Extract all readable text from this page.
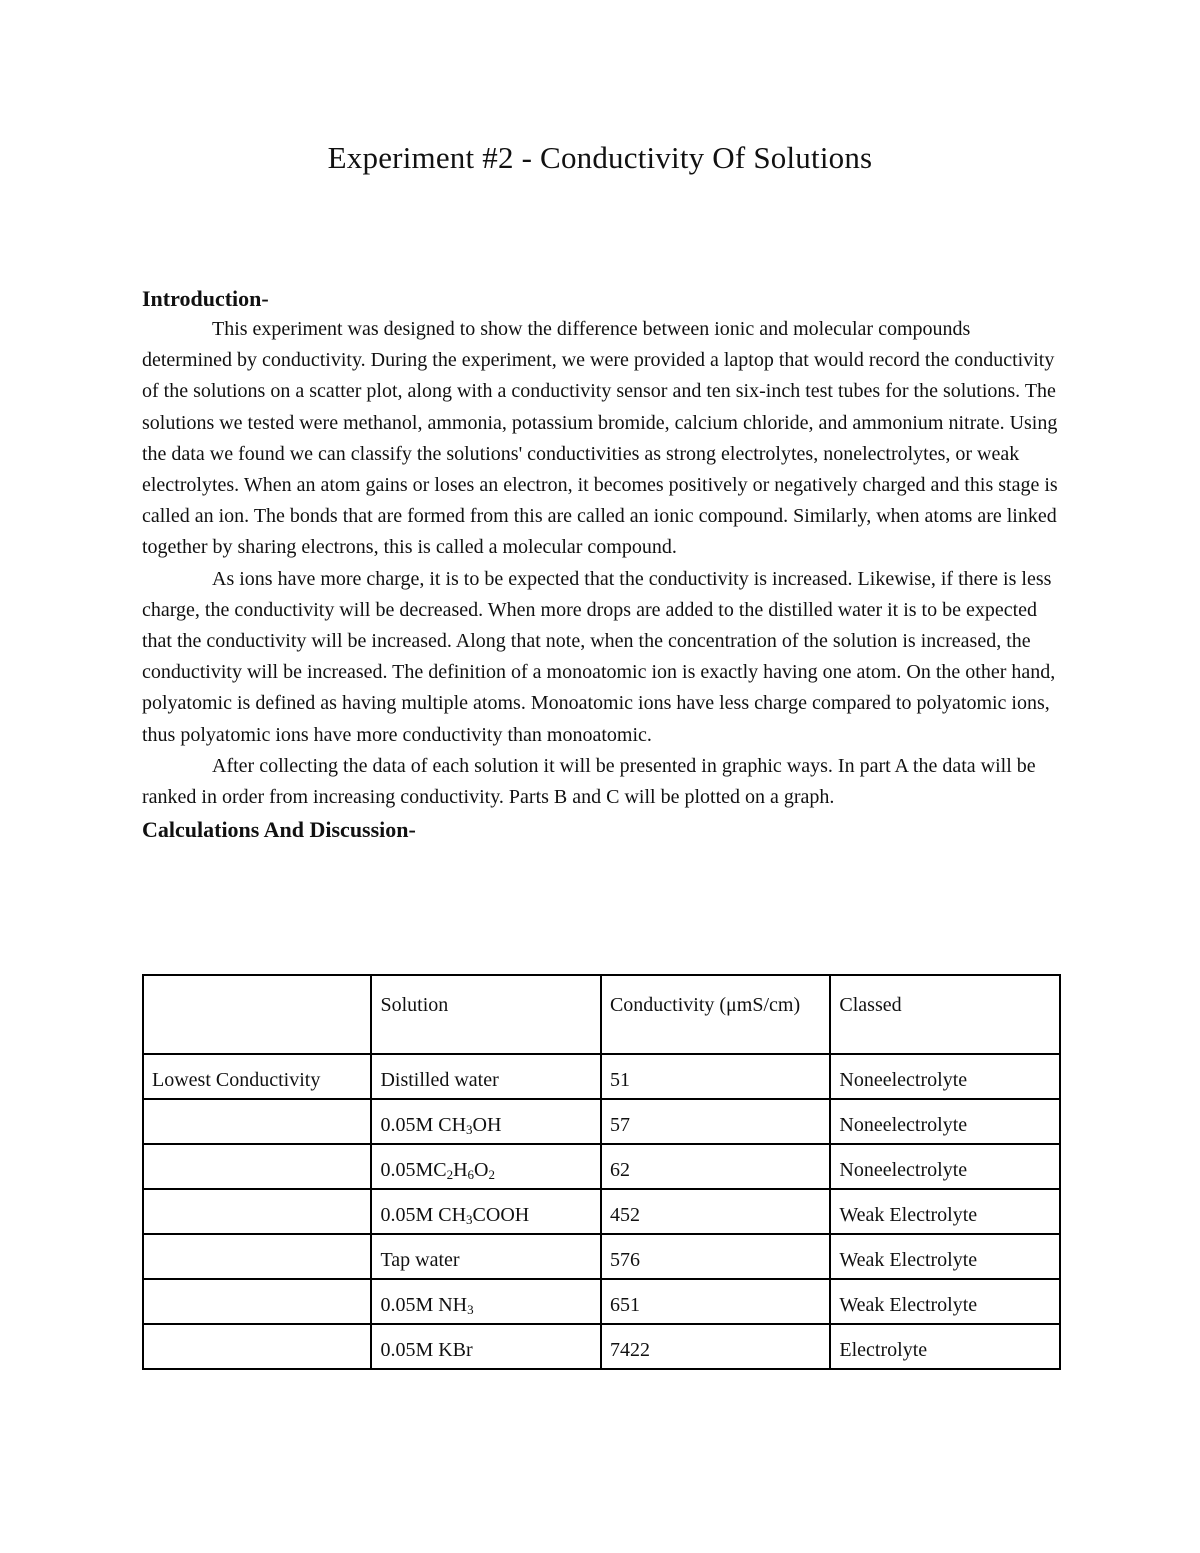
Experiment #2 - Conductivity Of Solutions

Introduction-

This experiment was designed to show the difference between ionic and molecular compounds determined by conductivity. During the experiment, we were provided a laptop that would record the conductivity of the solutions on a scatter plot, along with a conductivity sensor and ten six-inch test tubes for the solutions. The solutions we tested were methanol, ammonia, potassium bromide, calcium chloride, and ammonium nitrate. Using the data we found we can classify the solutions' conductivities as strong electrolytes, nonelectrolytes, or weak electrolytes. When an atom gains or loses an electron, it becomes positively or negatively charged and this stage is called an ion. The bonds that are formed from this are called an ionic compound. Similarly, when atoms are linked together by sharing electrons, this is called a molecular compound.

As ions have more charge, it is to be expected that the conductivity is increased. Likewise, if there is less charge, the conductivity will be decreased. When more drops are added to the distilled water it is to be expected that the conductivity will be increased. Along that note, when the concentration of the solution is increased, the conductivity will be increased. The definition of a monoatomic ion is exactly having one atom. On the other hand, polyatomic is defined as having multiple atoms. Monoatomic ions have less charge compared to polyatomic ions, thus polyatomic ions have more conductivity than monoatomic.

After collecting the data of each solution it will be presented in graphic ways. In part A the data will be ranked in order from increasing conductivity. Parts B and C will be plotted on a graph.

Calculations And Discussion-

	Solution	Conductivity (μmS/cm)	Classed
Lowest Conductivity	Distilled water	51	Noneelectrolyte
	0.05M $CH_3OH$	57	Noneelectrolyte
	$0.05MC_2H_6O_2$	62	Noneelectrolyte
	0.05M $CH_3COOH$	452	Weak Electrolyte
	Tap water	576	Weak Electrolyte
	0.05M $NH_3$	651	Weak Electrolyte
	0.05M KBr	7422	Electrolyte
